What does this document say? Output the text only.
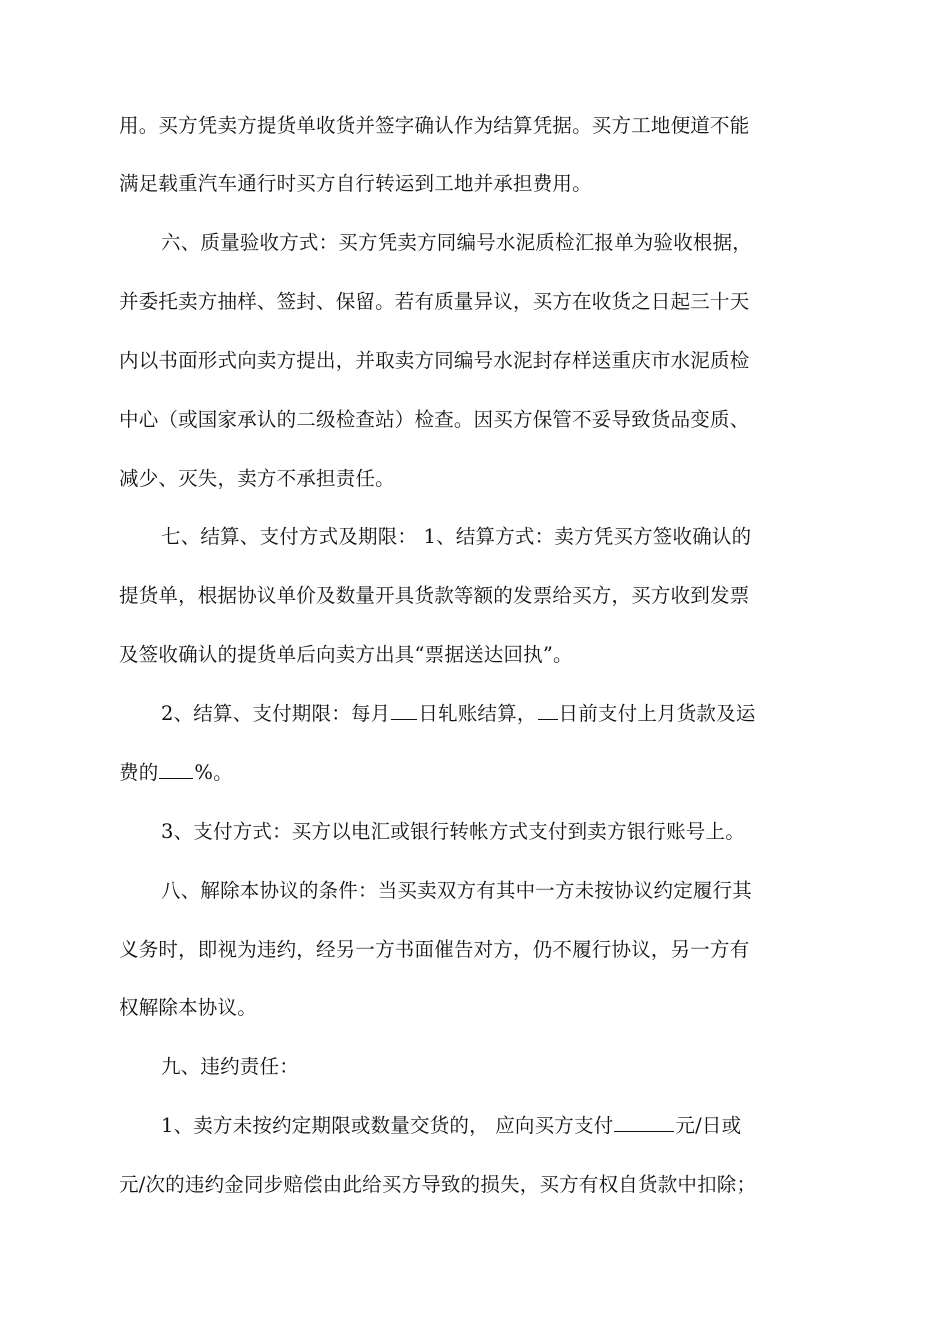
用。买方凭卖方提货单收货并签字确认作为结算凭据。买方工地便道不能
满足载重汽车通行时买方自行转运到工地并承担费用。
六、质量验收方式：买方凭卖方同编号水泥质检汇报单为验收根据，
并委托卖方抽样、签封、保留。若有质量异议，买方在收货之日起三十天
内以书面形式向卖方提出，并取卖方同编号水泥封存样送重庆市水泥质检
中心（或国家承认的二级检查站）检查。因买方保管不妥导致货品变质、
减少、灭失，卖方不承担责任。
七、结算、支付方式及期限： 1、结算方式：卖方凭买方签收确认的
提货单，根据协议单价及数量开具货款等额的发票给买方，买方收到发票
及签收确认的提货单后向卖方出具“票据送达回执”。
2、结算、支付期限：每月 日轧账结算， 日前支付上月货款及运
费的 %。
3、支付方式：买方以电汇或银行转帐方式支付到卖方银行账号上。
八、解除本协议的条件：当买卖双方有其中一方未按协议约定履行其
义务时，即视为违约，经另一方书面催告对方，仍不履行协议，另一方有
权解除本协议。
九、违约责任：
1、卖方未按约定期限或数量交货的， 应向买方支付	元/日或
元/次的违约金同步赔偿由此给买方导致的损失，买方有权自货款中扣除；
